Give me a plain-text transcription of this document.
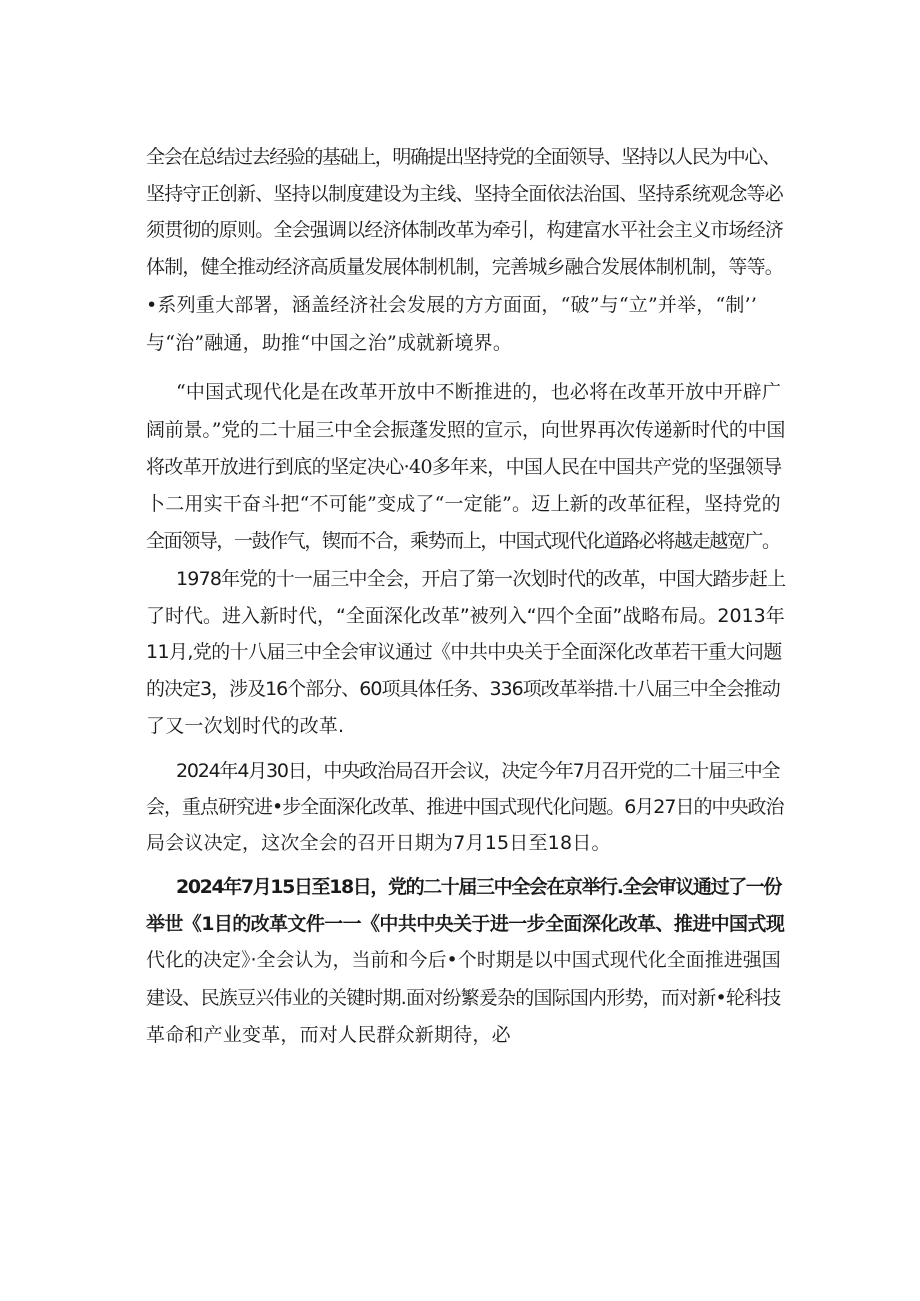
全会在总结过去经验的基础上，明确提出坚持党的全面领导、坚持以人民为中心、
坚持守正创新、坚持以制度建设为主线、坚持全面依法治国、坚持系统观念等必
须贯彻的原则。全会强调以经济体制改革为牵引，构建富水平社会主义市场经济
体制，健全推动经济高质量发展体制机制，完善城乡融合发展体制机制，等等。
•系列重大部署，涵盖经济社会发展的方方面面，“破”与“立”并举，“制’’
与“治”融通，助推“中国之治”成就新境界。
“中国式现代化是在改革开放中不断推进的，也必将在改革开放中开辟广
阔前景。”党的二十届三中全会振蓬发照的宣示，向世界再次传递新时代的中国
将改革开放进行到底的坚定决心·40多年来，中国人民在中国共产党的坚强领导
卜二用实干奋斗把“不可能”变成了“一定能”。迈上新的改革征程，坚持党的
全面领导，一鼓作气，锲而不合，乘势而上，中国式现代化道路必将越走越宽广。
1978年党的十一届三中全会，开启了第一次划时代的改革，中国大踏步赶上
了时代。进入新时代，“全面深化改革”被列入“四个全面”战略布局。2013年
11月,党的十八届三中全会审议通过《中共中央关于全面深化改革若干重大问题
的决定3，涉及16个部分、60项具体任务、336项改革举措.十八届三中全会推动
了又一次划时代的改革.
2024年4月30日，中央政治局召开会议，决定今年7月召开党的二十届三中全
会，重点研究进•步全面深化改革、推进中国式现代化问题。6月27日的中央政治
局会议决定，这次全会的召开日期为7月15日至18日。
2024年7月15日至18日，党的二十届三中全会在京举行.全会审议通过了一份
举世《1目的改革文件一一《中共中央关于进一步全面深化改革、推进中国式现
代化的决定》·全会认为，当前和今后•个时期是以中国式现代化全面推进强国
建设、民族豆兴伟业的关键时期.面对纷繁爰杂的国际国内形势，而对新•轮科技
革命和产业变革，而对人民群众新期待，必
